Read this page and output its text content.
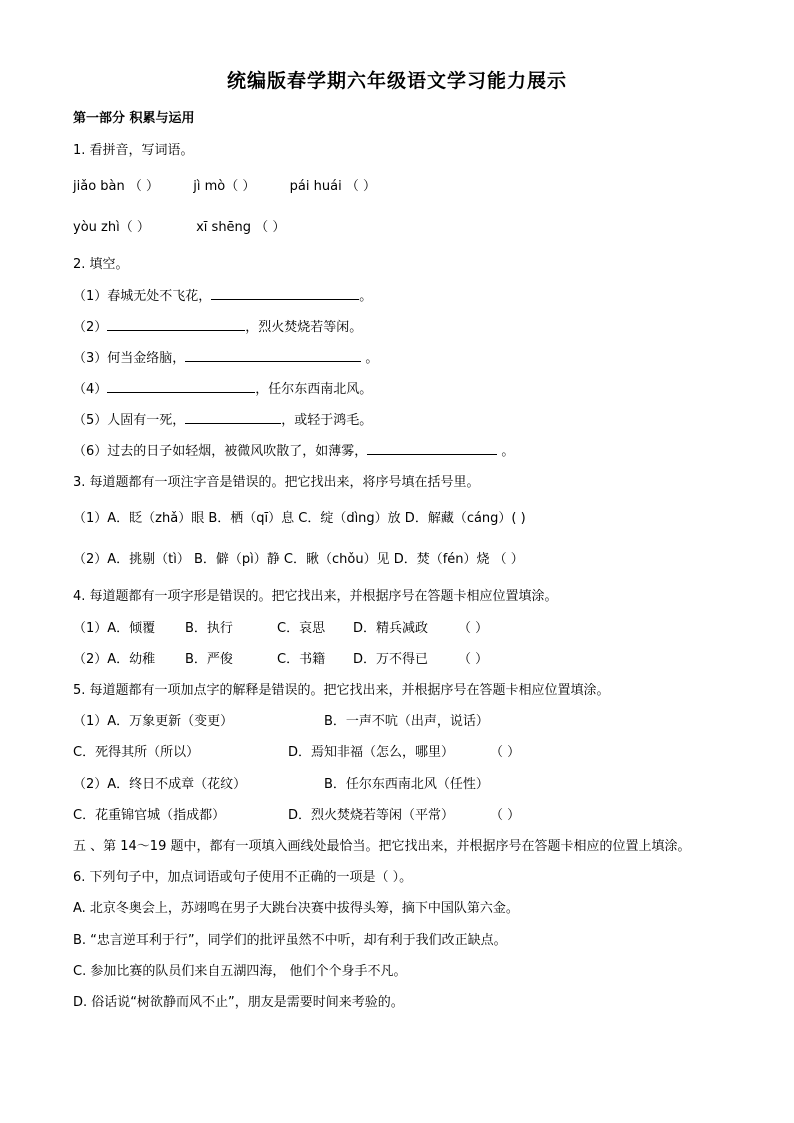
统编版春学期六年级语文学习能力展示
第一部分 积累与运用
1. 看拼音，写词语。
jiǎo bàn （ ）	jì mò（ ）	pái huái （ ）
yòu zhì（ ）	xī shēng （ ）
2. 填空。
（1）春城无处不飞花，	。
（2）	，烈火焚烧若等闲。
（3）何当金络脑，	。
（4）	，任尔东西南北风。
（5）人固有一死，	，或轻于鸿毛。
（6）过去的日子如轻烟，被微风吹散了，如薄雾，	。
3. 每道题都有一项注字音是错误的。把它找出来，将序号填在括号里。
（1）A．眨（zhǎ）眼 B．栖（qī）息 C．绽（dìng）放 D．解藏（cáng）( )
（2）A．挑剔（tì） B．僻（pì）静 C．瞅（chǒu）见 D．焚（fén）烧 （ ）
4. 每道题都有一项字形是错误的。把它找出来，并根据序号在答题卡相应位置填涂。
（1）A．倾覆 B．执行	C．哀思 D．精兵减政 （ ）
（2）A．幼稚 B．严俊	C．书籍 D．万不得已 （ ）
5. 每道题都有一项加点字的解释是错误的。把它找出来，并根据序号在答题卡相应位置填涂。
（1）A．万象更新（变更）	B．一声不吭（出声，说话）
C．死得其所（所以）	D．焉知非福（怎么，哪里）	（ ）
（2）A．终日不成章（花纹）	B．任尔东西南北风（任性）
C．花重锦官城（指成都）	D．烈火焚烧若等闲（平常）	（ ）
五 、第 14～19 题中，都有一项填入画线处最恰当。把它找出来，并根据序号在答题卡相应的位置上填涂。
6. 下列句子中，加点词语或句子使用不正确的一项是（ ）。
A. 北京冬奥会上，苏翊鸣在男子大跳台决赛中拔得头筹，摘下中国队第六金。
B. “忠言逆耳利于行”，同学们的批评虽然不中听，却有利于我们改正缺点。
C. 参加比赛的队员们来自五湖四海， 他们个个身手不凡。
D. 俗话说“树欲静而风不止”，朋友是需要时间来考验的。
